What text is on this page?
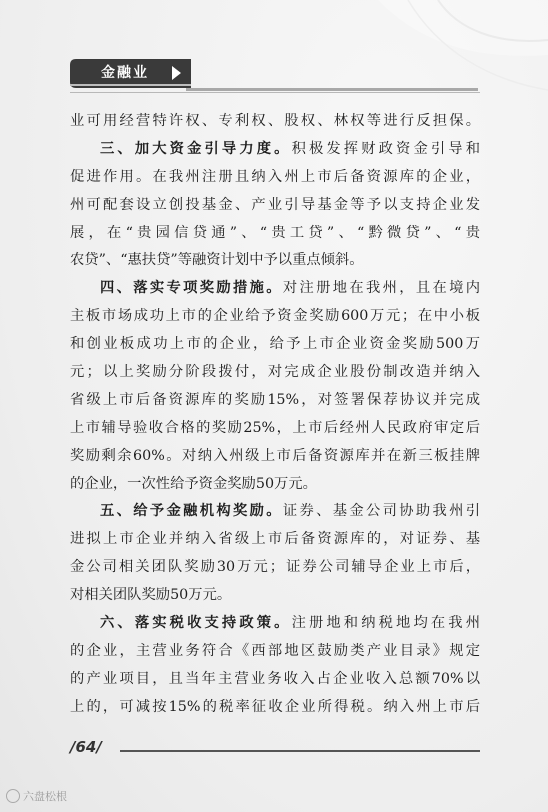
金融业
业可用经营特许权、专利权、股权、林权等进行反担保。
三、加大资金引导力度。积极发挥财政资金引导和
促进作用。在我州注册且纳入州上市后备资源库的企业，
州可配套设立创投基金、产业引导基金等予以支持企业发
展，在“贵园信贷通”、“贵工贷”、“黔微贷”、“贵
农贷”、“惠扶贷”等融资计划中予以重点倾斜。
四、落实专项奖励措施。对注册地在我州，且在境内
主板市场成功上市的企业给予资金奖励600万元；在中小板
和创业板成功上市的企业，给予上市企业资金奖励500万
元；以上奖励分阶段拨付，对完成企业股份制改造并纳入
省级上市后备资源库的奖励15%，对签署保荐协议并完成
上市辅导验收合格的奖励25%，上市后经州人民政府审定后
奖励剩余60%。对纳入州级上市后备资源库并在新三板挂牌
的企业，一次性给予资金奖励50万元。
五、给予金融机构奖励。证券、基金公司协助我州引
进拟上市企业并纳入省级上市后备资源库的，对证券、基
金公司相关团队奖励30万元；证券公司辅导企业上市后，
对相关团队奖励50万元。
六、落实税收支持政策。注册地和纳税地均在我州
的企业，主营业务符合《西部地区鼓励类产业目录》规定
的产业项目，且当年主营业务收入占企业收入总额70%以
上的，可减按15%的税率征收企业所得税。纳入州上市后
/64/
六盘松根
